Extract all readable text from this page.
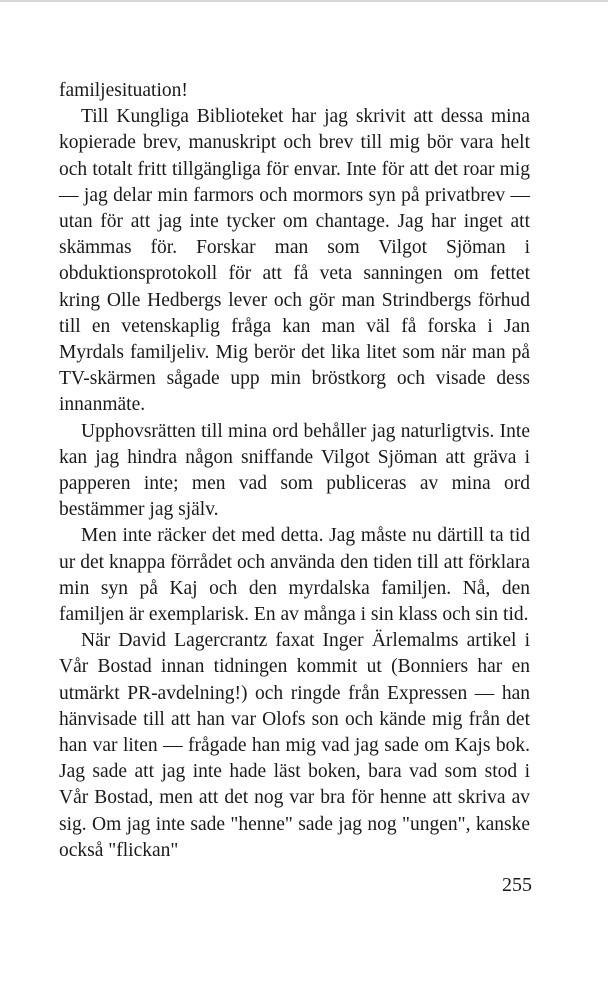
familjesituation!

Till Kungliga Biblioteket har jag skrivit att dessa mina kopierade brev, manuskript och brev till mig bör vara helt och totalt fritt tillgängliga för envar. Inte för att det roar mig — jag delar min farmors och mormors syn på privatbrev — utan för att jag inte tycker om chantage. Jag har inget att skämmas för. Forskar man som Vilgot Sjöman i obduktionsprotokoll för att få veta sanningen om fettet kring Olle Hedbergs lever och gör man Strindbergs förhud till en vetenskaplig fråga kan man väl få forska i Jan Myrdals familjeliv. Mig berör det lika litet som när man på TV-skärmen sågade upp min bröstkorg och visade dess innanmäte.

Upphovsrätten till mina ord behåller jag naturligtvis. Inte kan jag hindra någon sniffande Vilgot Sjöman att gräva i papperen inte; men vad som publiceras av mina ord bestämmer jag själv.

Men inte räcker det med detta. Jag måste nu därtill ta tid ur det knappa förrådet och använda den tiden till att förklara min syn på Kaj och den myrdalska familjen. Nå, den familjen är exemplarisk. En av många i sin klass och sin tid.

När David Lagercrantz faxat Inger Ärlemalms artikel i Vår Bostad innan tidningen kommit ut (Bonniers har en utmärkt PR-avdelning!) och ringde från Expressen — han hänvisade till att han var Olofs son och kände mig från det han var liten — frågade han mig vad jag sade om Kajs bok. Jag sade att jag inte hade läst boken, bara vad som stod i Vår Bostad, men att det nog var bra för henne att skriva av sig. Om jag inte sade "henne" sade jag nog "ungen", kanske också "flickan"

255
